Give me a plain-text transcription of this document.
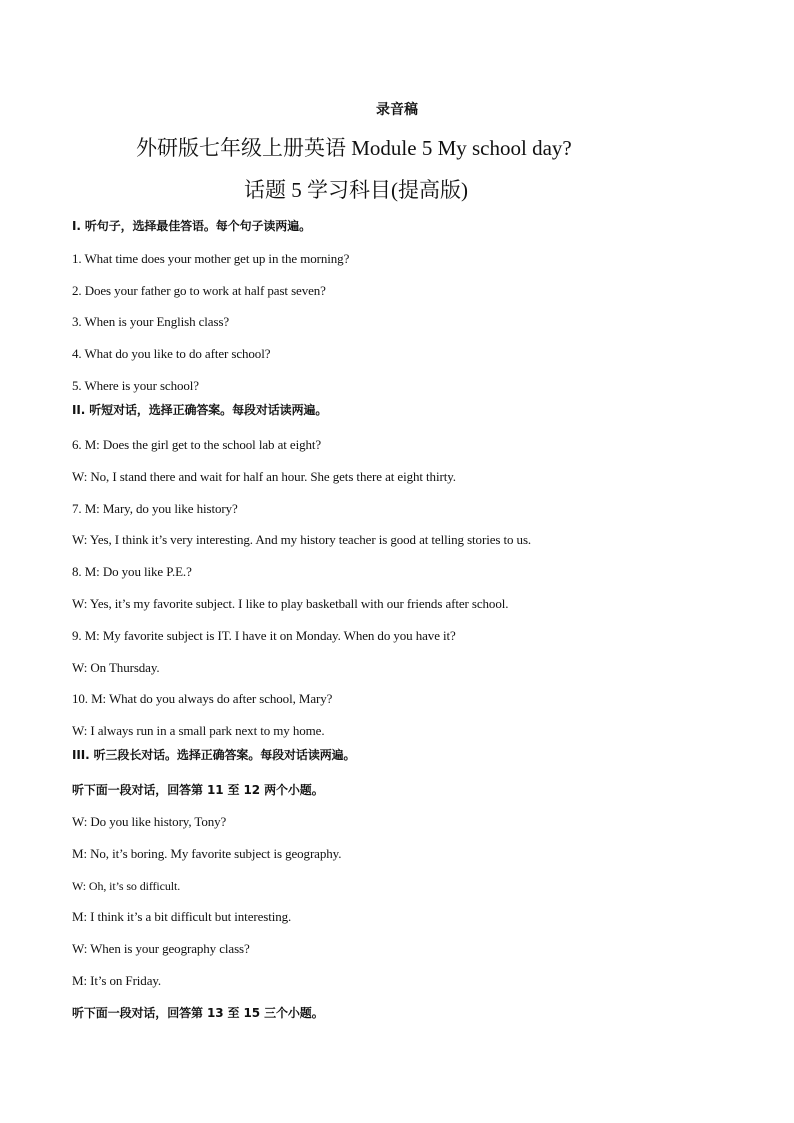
录音稿
外研版七年级上册英语 Module 5 My school day?
话题 5 学习科目(提高版)
Ⅰ. 听句子，选择最佳答语。每个句子读两遍。
1. What time does your mother get up in the morning?
2. Does your father go to work at half past seven?
3. When is your English class?
4. What do you like to do after school?
5. Where is your school?
II. 听短对话，选择正确答案。每段对话读两遍。
6. M: Does the girl get to the school lab at eight?
W: No, I stand there and wait for half an hour. She gets there at eight thirty.
7. M: Mary, do you like history?
W: Yes, I think it’s very interesting. And my history teacher is good at telling stories to us.
8. M: Do you like P.E.?
W: Yes, it’s my favorite subject. I like to play basketball with our friends after school.
9. M: My favorite subject is IT. I have it on Monday. When do you have it?
W: On Thursday.
10. M: What do you always do after school, Mary?
W: I always run in a small park next to my home.
III. 听三段长对话。选择正确答案。每段对话读两遍。
听下面一段对话，回答第 11 至 12 两个小题。
W: Do you like history, Tony?
M: No, it’s boring. My favorite subject is geography.
W: Oh, it’s so difficult.
M: I think it’s a bit difficult but interesting.
W: When is your geography class?
M: It’s on Friday.
听下面一段对话，回答第 13 至 15 三个小题。
